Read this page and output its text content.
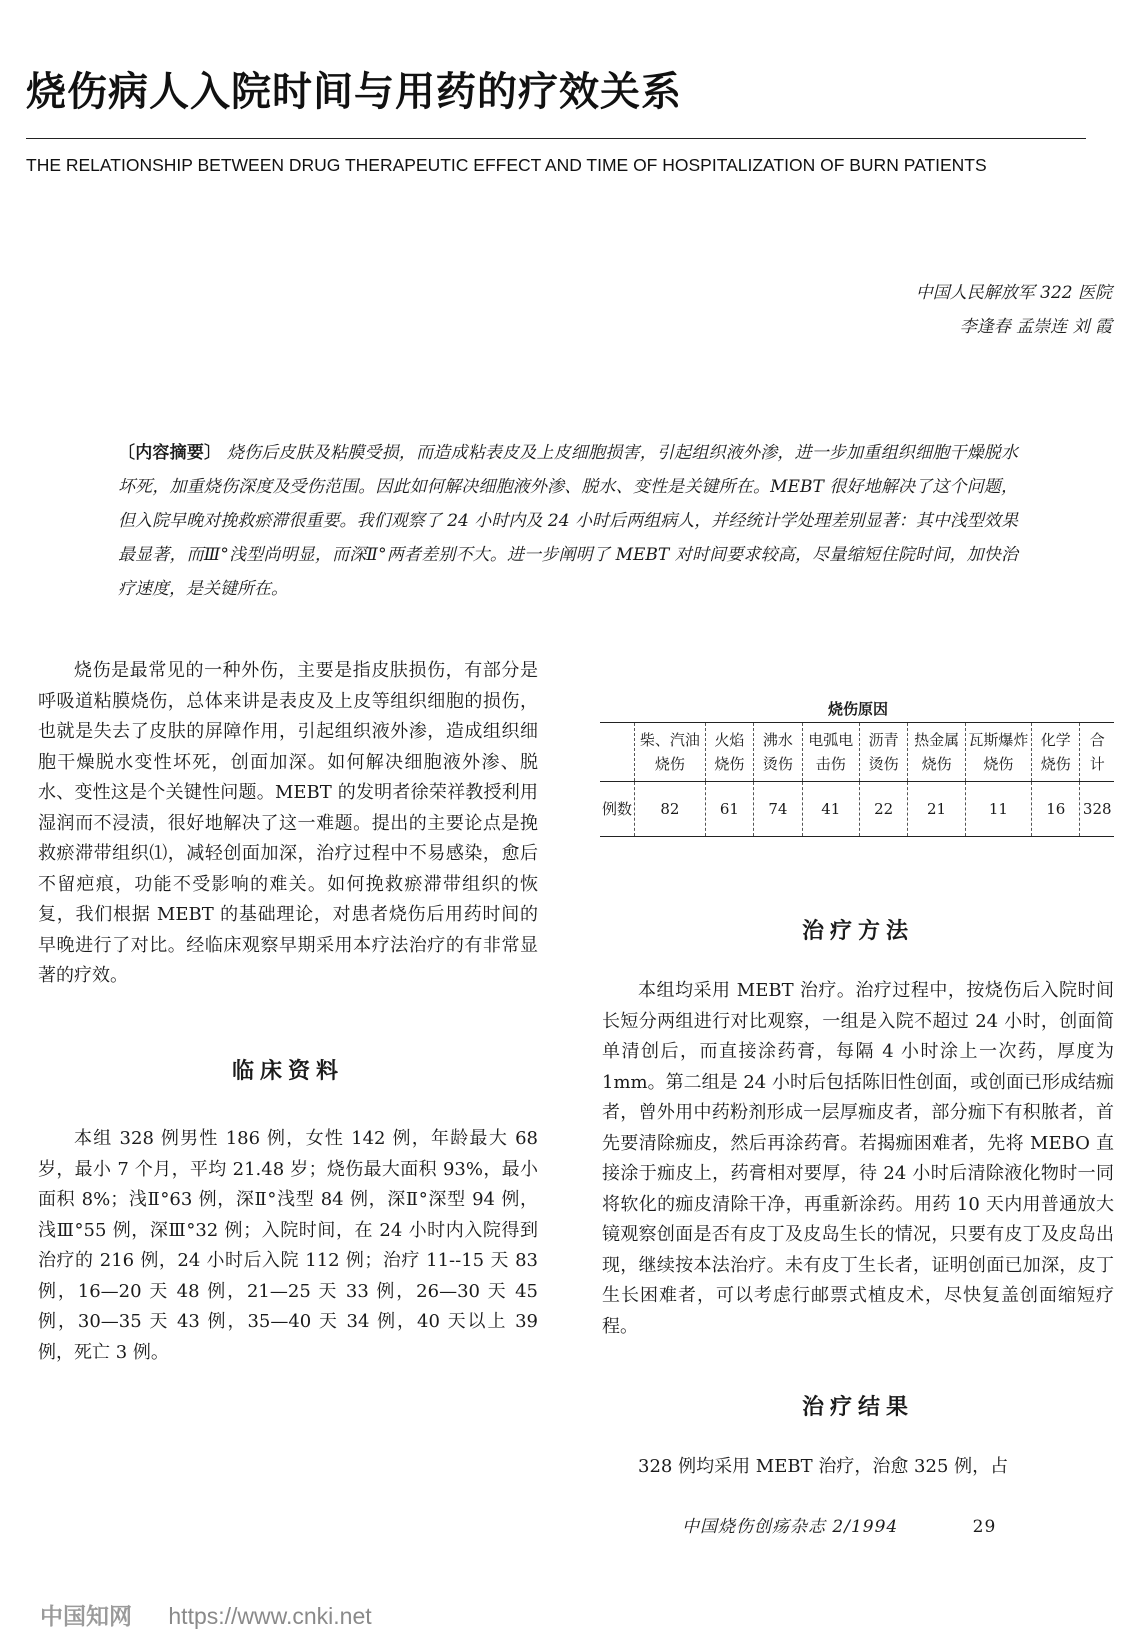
烧伤病人入院时间与用药的疗效关系
THE RELATIONSHIP BETWEEN DRUG THERAPEUTIC EFFECT AND TIME OF HOSPITALIZATION OF BURN PATIENTS
中国人民解放军 322 医院
李逢春 孟崇连 刘 霞
〔内容摘要〕 烧伤后皮肤及粘膜受损，而造成粘表皮及上皮细胞损害，引起组织液外渗，进一步加重组织细胞干燥脱水坏死，加重烧伤深度及受伤范围。因此如何解决细胞液外渗、脱水、变性是关键所在。MEBT 很好地解决了这个问题，但入院早晚对挽救瘀滞很重要。我们观察了 24 小时内及 24 小时后两组病人，并经统计学处理差别显著：其中浅型效果最显著，而Ⅲ°浅型尚明显，而深Ⅱ°两者差别不大。进一步阐明了 MEBT 对时间要求较高，尽量缩短住院时间，加快治疗速度，是关键所在。
烧伤是最常见的一种外伤，主要是指皮肤损伤，有部分是呼吸道粘膜烧伤，总体来讲是表皮及上皮等组织细胞的损伤，也就是失去了皮肤的屏障作用，引起组织液外渗，造成组织细胞干燥脱水变性坏死，创面加深。如何解决细胞液外渗、脱水、变性这是个关键性问题。MEBT 的发明者徐荣祥教授利用湿润而不浸渍，很好地解决了这一难题。提出的主要论点是挽救瘀滞带组织⑴，减轻创面加深，治疗过程中不易感染，愈后不留疤痕，功能不受影响的难关。如何挽救瘀滞带组织的恢复，我们根据 MEBT 的基础理论，对患者烧伤后用药时间的早晚进行了对比。经临床观察早期采用本疗法治疗的有非常显著的疗效。
临床资料
本组 328 例男性 186 例，女性 142 例，年龄最大 68 岁，最小 7 个月，平均 21.48 岁；烧伤最大面积 93%，最小面积 8%；浅Ⅱ°63 例，深Ⅱ°浅型 84 例，深Ⅱ°深型 94 例，浅Ⅲ°55 例，深Ⅲ°32 例；入院时间，在 24 小时内入院得到治疗的 216 例，24 小时后入院 112 例；治疗 11--15 天 83 例，16—20 天 48 例，21—25 天 33 例，26—30 天 45 例，30—35 天 43 例，35—40 天 34 例，40 天以上 39 例，死亡 3 例。
烧伤原因
	柴、汽油烧伤	火焰烧伤	沸水烫伤	电弧电击伤	沥青烫伤	热金属烧伤	瓦斯爆炸烧伤	化学烧伤	合计
例数	82	61	74	41	22	21	11	16	328
治疗方法
本组均采用 MEBT 治疗。治疗过程中，按烧伤后入院时间长短分两组进行对比观察，一组是入院不超过 24 小时，创面简单清创后，而直接涂药膏，每隔 4 小时涂上一次药，厚度为 1mm。第二组是 24 小时后包括陈旧性创面，或创面已形成结痂者，曾外用中药粉剂形成一层厚痂皮者，部分痂下有积脓者，首先要清除痂皮，然后再涂药膏。若揭痂困难者，先将 MEBO 直接涂于痂皮上，药膏相对要厚，待 24 小时后清除液化物时一同将软化的痂皮清除干净，再重新涂药。用药 10 天内用普通放大镜观察创面是否有皮丁及皮岛生长的情况，只要有皮丁及皮岛出现，继续按本法治疗。未有皮丁生长者，证明创面已加深，皮丁生长困难者，可以考虑行邮票式植皮术，尽快复盖创面缩短疗程。
治疗结果
328 例均采用 MEBT 治疗，治愈 325 例，占
中国烧伤创疡杂志 2/1994	29
中国知网 https://www.cnki.net
